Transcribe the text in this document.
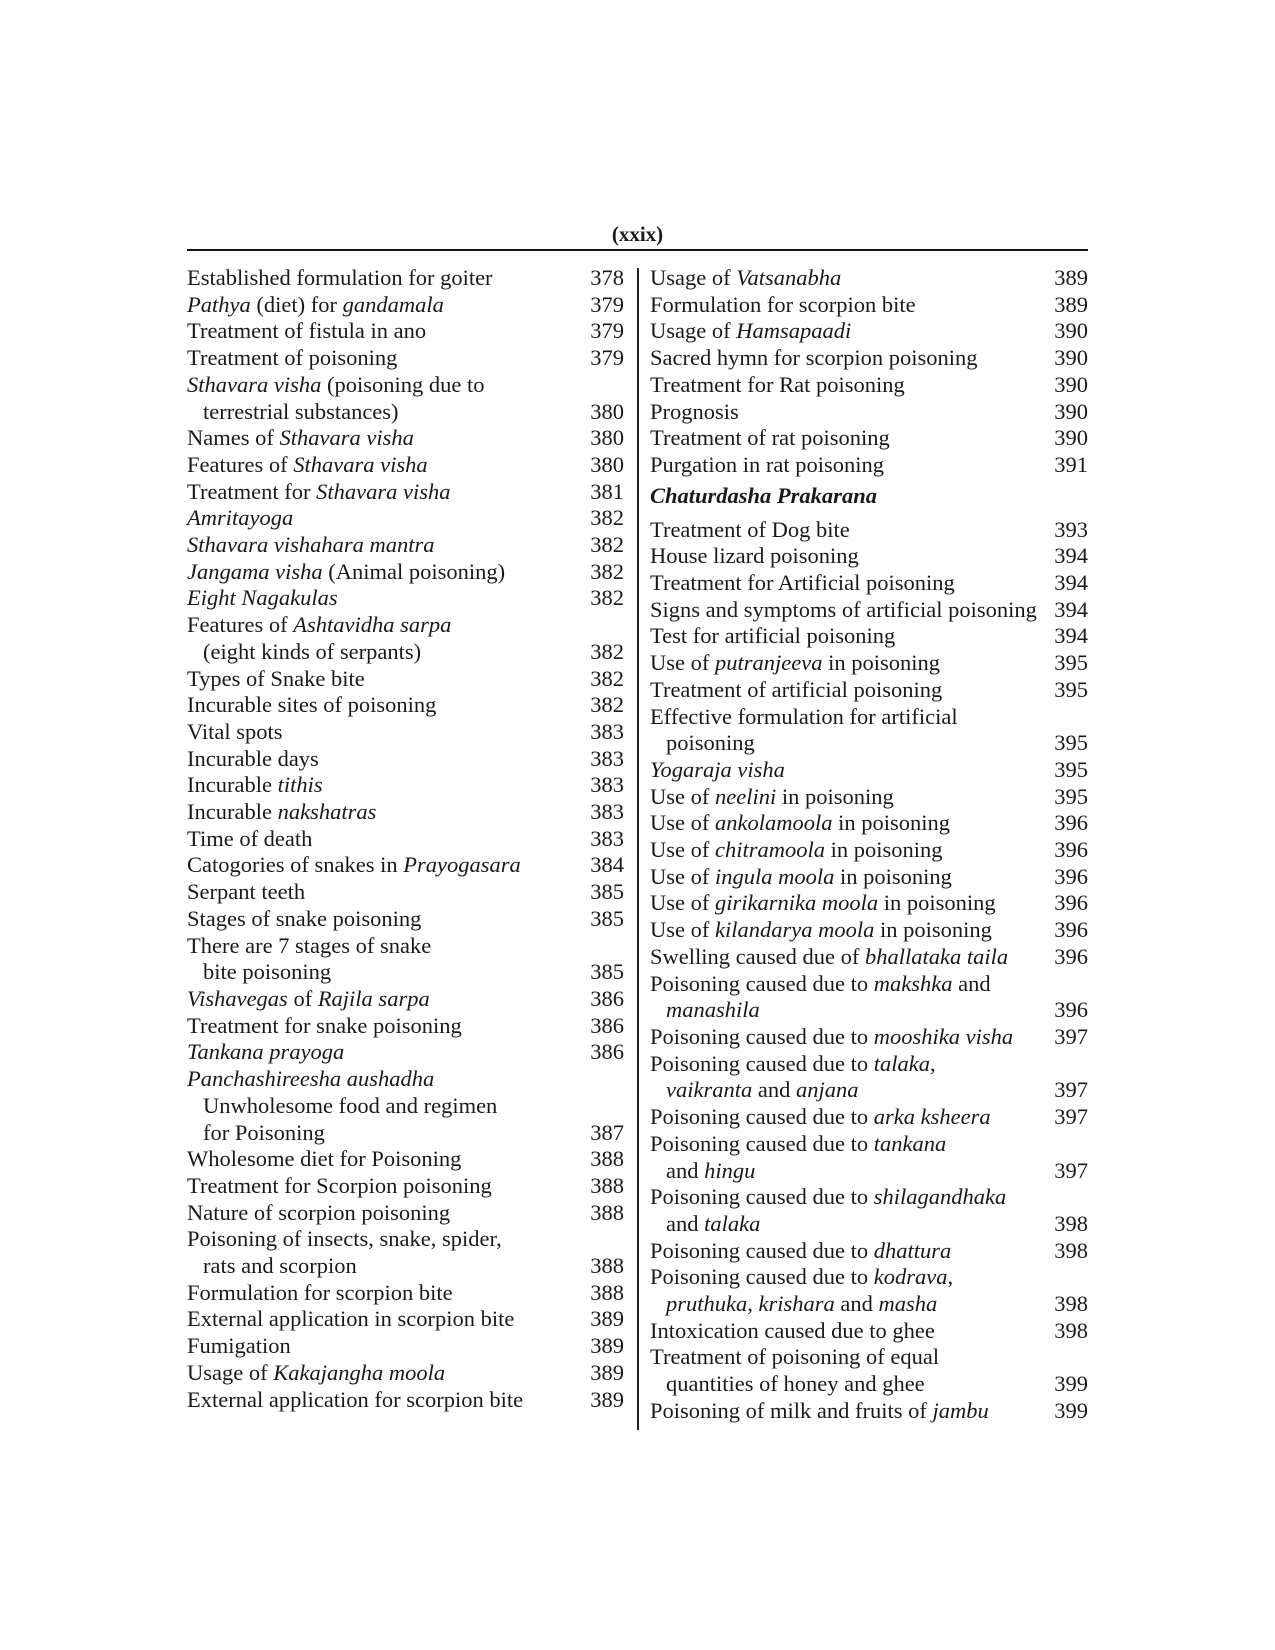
(xxix)
Established formulation for goiter	378
Pathya (diet) for gandamala	379
Treatment of fistula in ano	379
Treatment of poisoning	379
Sthavara visha (poisoning due to
terrestrial substances)	380
Names of Sthavara visha	380
Features of Sthavara visha	380
Treatment for Sthavara visha	381
Amritayoga	382
Sthavara vishahara mantra	382
Jangama visha (Animal poisoning)	382
Eight Nagakulas	382
Features of Ashtavidha sarpa
(eight kinds of serpants)	382
Types of Snake bite	382
Incurable sites of poisoning	382
Vital spots	383
Incurable days	383
Incurable tithis	383
Incurable nakshatras	383
Time of death	383
Catogories of snakes in Prayogasara	384
Serpant teeth	385
Stages of snake poisoning	385
There are 7 stages of snake
bite poisoning	385
Vishavegas of Rajila sarpa	386
Treatment for snake poisoning	386
Tankana prayoga	386
Panchashireesha aushadha
Unwholesome food and regimen
for Poisoning	387
Wholesome diet for Poisoning	388
Treatment for Scorpion poisoning	388
Nature of scorpion poisoning	388
Poisoning of insects, snake, spider,
rats and scorpion	388
Formulation for scorpion bite	388
External application in scorpion bite	389
Fumigation	389
Usage of Kakajangha moola	389
External application for scorpion bite	389
Usage of Vatsanabha	389
Formulation for scorpion bite	389
Usage of Hamsapaadi	390
Sacred hymn for scorpion poisoning	390
Treatment for Rat poisoning	390
Prognosis	390
Treatment of rat poisoning	390
Purgation in rat poisoning	391
Chaturdasha Prakarana
Treatment of Dog bite	393
House lizard poisoning	394
Treatment for Artificial poisoning	394
Signs and symptoms of artificial poisoning 394
Test for artificial poisoning	394
Use of putranjeeva in poisoning	395
Treatment of artificial poisoning	395
Effective formulation for artificial
poisoning	395
Yogaraja visha	395
Use of neelini in poisoning	395
Use of ankolamoola in poisoning	396
Use of chitramoola in poisoning	396
Use of ingula moola in poisoning	396
Use of girikarnika moola in poisoning	396
Use of kilandarya moola in poisoning	396
Swelling caused due of bhallataka taila	396
Poisoning caused due to makshka and
manashila	396
Poisoning caused due to mooshika visha	397
Poisoning caused due to talaka,
vaikranta and anjana	397
Poisoning caused due to arka ksheera	397
Poisoning caused due to tankana
and hingu	397
Poisoning caused due to shilagandhaka
and talaka	398
Poisoning caused due to dhattura	398
Poisoning caused due to kodrava,
pruthuka, krishara and masha	398
Intoxication caused due to ghee	398
Treatment of poisoning of equal
quantities of honey and ghee	399
Poisoning of milk and fruits of jambu	399
